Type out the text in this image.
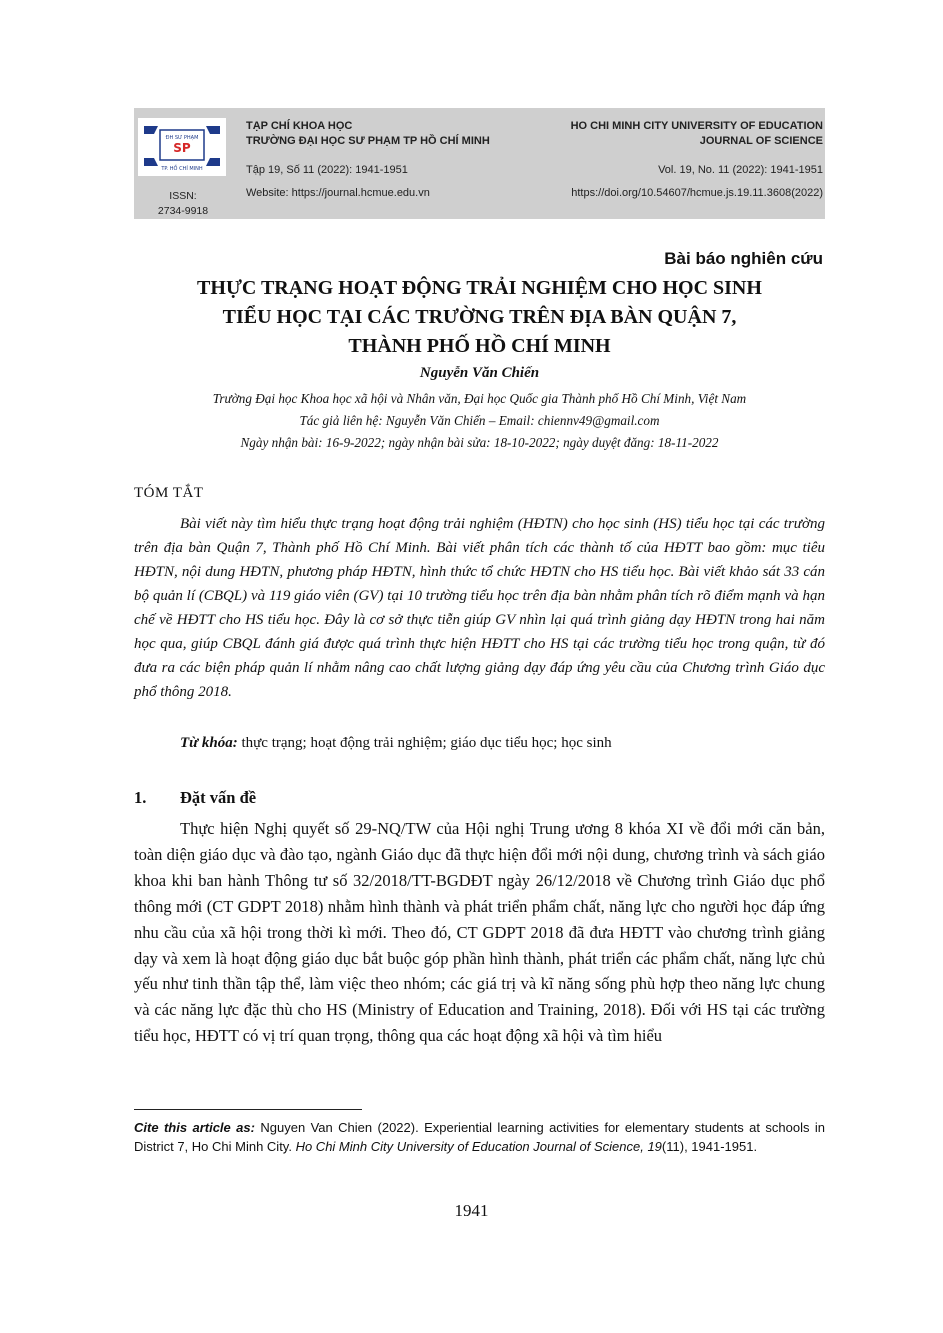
ĐH SƯ PHẠM
SP
TP. HỒ CHÍ MINH
ISSN:
2734-9918
TẠP CHÍ KHOA HỌC
TRƯỜNG ĐẠI HỌC SƯ PHẠM TP HỒ CHÍ MINH
Tập 19, Số 11 (2022): 1941-1951
Website: https://journal.hcmue.edu.vn
HO CHI MINH CITY UNIVERSITY OF EDUCATION
JOURNAL OF SCIENCE
Vol. 19, No. 11 (2022): 1941-1951
https://doi.org/10.54607/hcmue.js.19.11.3608(2022)
Bài báo nghiên cứu
THỰC TRẠNG HOẠT ĐỘNG TRẢI NGHIỆM CHO HỌC SINH
TIỂU HỌC TẠI CÁC TRƯỜNG TRÊN ĐỊA BÀN QUẬN 7,
THÀNH PHỐ HỒ CHÍ MINH
Nguyễn Văn Chiến
Trường Đại học Khoa học xã hội và Nhân văn, Đại học Quốc gia Thành phố Hồ Chí Minh, Việt Nam
Tác giả liên hệ: Nguyễn Văn Chiến – Email: chiennv49@gmail.com
Ngày nhận bài: 16-9-2022; ngày nhận bài sửa: 18-10-2022; ngày duyệt đăng: 18-11-2022
TÓM TẮT

Bài viết này tìm hiểu thực trạng hoạt động trải nghiệm (HĐTN) cho học sinh (HS) tiểu học tại các trường trên địa bàn Quận 7, Thành phố Hồ Chí Minh. Bài viết phân tích các thành tố của HĐTT bao gồm: mục tiêu HĐTN, nội dung HĐTN, phương pháp HĐTN, hình thức tổ chức HĐTN cho HS tiểu học. Bài viết khảo sát 33 cán bộ quản lí (CBQL) và 119 giáo viên (GV) tại 10 trường tiểu học trên địa bàn nhằm phân tích rõ điểm mạnh và hạn chế về HĐTT cho HS tiểu học. Đây là cơ sở thực tiễn giúp GV nhìn lại quá trình giảng dạy HĐTN trong hai năm học qua, giúp CBQL đánh giá được quá trình thực hiện HĐTT cho HS tại các trường tiểu học trong quận, từ đó đưa ra các biện pháp quản lí nhằm nâng cao chất lượng giảng dạy đáp ứng yêu cầu của Chương trình Giáo dục phổ thông 2018.

Từ khóa: thực trạng; hoạt động trải nghiệm; giáo dục tiểu học; học sinh
1. Đặt vấn đề

Thực hiện Nghị quyết số 29-NQ/TW của Hội nghị Trung ương 8 khóa XI về đổi mới căn bản, toàn diện giáo dục và đào tạo, ngành Giáo dục đã thực hiện đổi mới nội dung, chương trình và sách giáo khoa khi ban hành Thông tư số 32/2018/TT-BGDĐT ngày 26/12/2018 về Chương trình Giáo dục phổ thông mới (CT GDPT 2018) nhằm hình thành và phát triển phẩm chất, năng lực cho người học đáp ứng nhu cầu của xã hội trong thời kì mới. Theo đó, CT GDPT 2018 đã đưa HĐTT vào chương trình giảng dạy và xem là hoạt động giáo dục bắt buộc góp phần hình thành, phát triển các phẩm chất, năng lực chủ yếu như tinh thần tập thể, làm việc theo nhóm; các giá trị và kĩ năng sống phù hợp theo năng lực chung và các năng lực đặc thù cho HS (Ministry of Education and Training, 2018). Đối với HS tại các trường tiểu học, HĐTT có vị trí quan trọng, thông qua các hoạt động xã hội và tìm hiểu

Cite this article as: Nguyen Van Chien (2022). Experiential learning activities for elementary students at schools in District 7, Ho Chi Minh City. Ho Chi Minh City University of Education Journal of Science, 19(11), 1941-1951.

1941
